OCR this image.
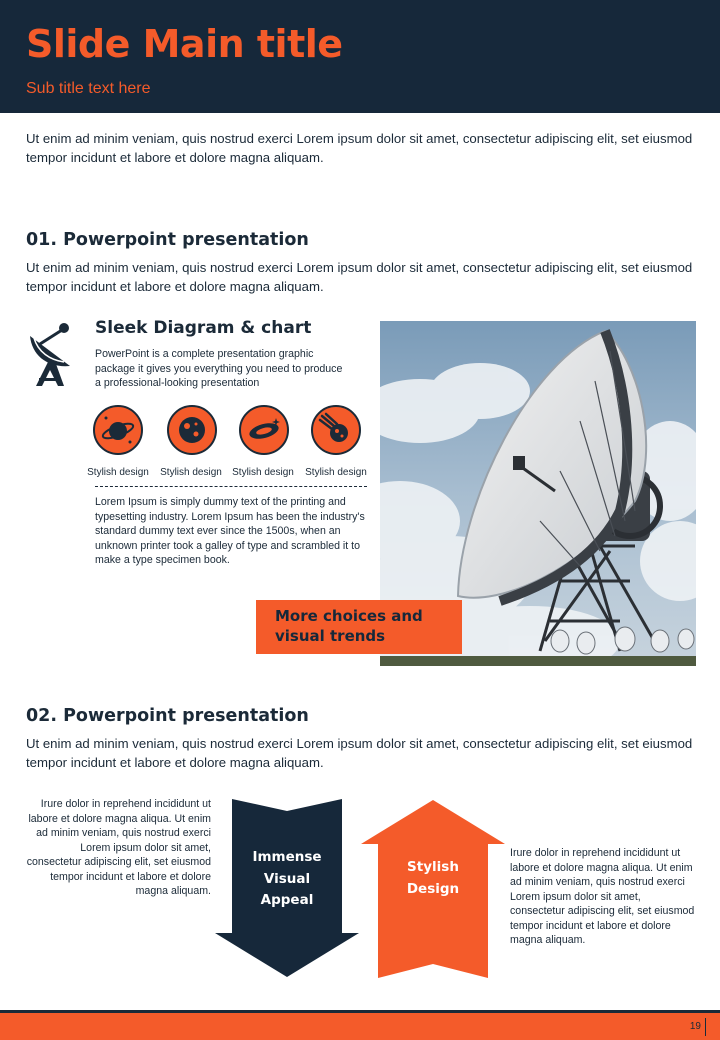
Slide Main title
Sub title text here
Ut enim ad minim veniam, quis nostrud exerci Lorem ipsum dolor sit amet, consectetur adipiscing elit, set eiusmod tempor incidunt et labore et dolore magna aliquam.
01. Powerpoint presentation
Ut enim ad minim veniam, quis nostrud exerci Lorem ipsum dolor sit amet, consectetur adipiscing elit, set eiusmod tempor incidunt et labore et dolore magna aliquam.
Sleek Diagram & chart
PowerPoint is a complete presentation graphic package it gives you everything you need to produce a professional-looking presentation
Stylish design	Stylish design	Stylish design	Stylish design
Lorem Ipsum is simply dummy text of the printing and typesetting industry. Lorem Ipsum has been the industry's standard dummy text ever since the 1500s, when an unknown printer took a galley of type and scrambled it to make a type specimen book.
More choices and visual trends
02. Powerpoint presentation
Ut enim ad minim veniam, quis nostrud exerci Lorem ipsum dolor sit amet, consectetur adipiscing elit, set eiusmod tempor incidunt et labore et dolore magna aliquam.
Irure dolor in reprehend incididunt ut labore et dolore magna aliqua. Ut enim ad minim veniam, quis nostrud exerci Lorem ipsum dolor sit amet, consectetur adipiscing elit, set eiusmod tempor incidunt et labore et dolore magna aliquam.
Immense Visual Appeal
Stylish Design
Irure dolor in reprehend incididunt ut labore et dolore magna aliqua. Ut enim ad minim veniam, quis nostrud exerci Lorem ipsum dolor sit amet, consectetur adipiscing elit, set eiusmod tempor incidunt et labore et dolore magna aliquam.
19
